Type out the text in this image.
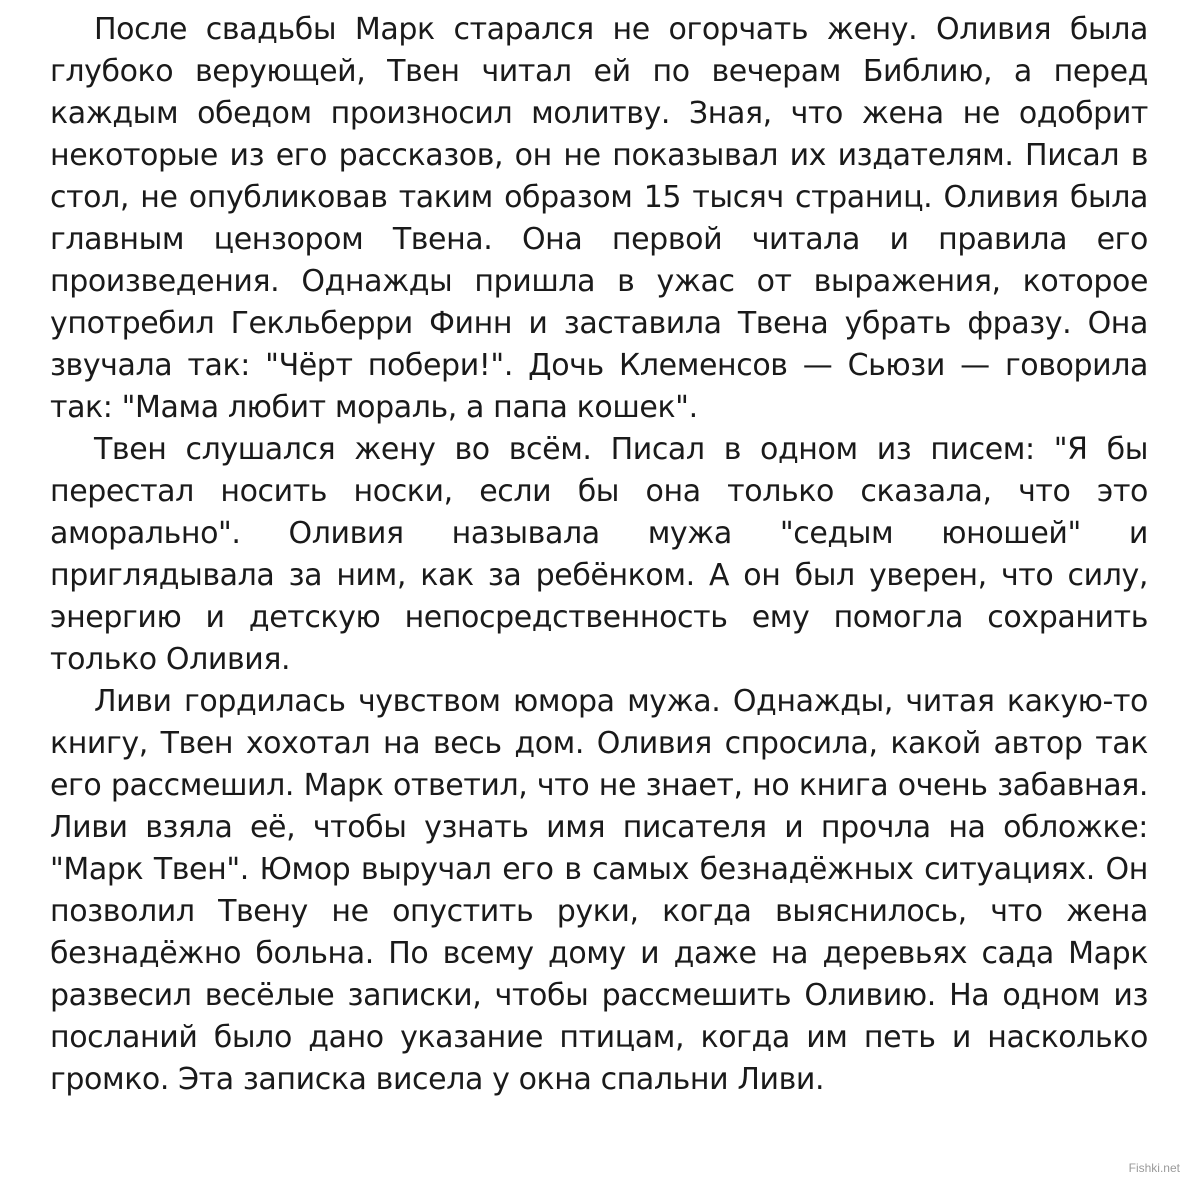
После свадьбы Марк старался не огорчать жену. Оливия была глубоко верующей, Твен читал ей по вечерам Библию, а перед каждым обедом произносил молитву. Зная, что жена не одобрит некоторые из его рассказов, он не показывал их издателям. Писал в стол, не опубликовав таким образом 15 тысяч страниц. Оливия была главным цензором Твена. Она первой читала и правила его произведения. Однажды пришла в ужас от выражения, которое употребил Гекльберри Финн и заставила Твена убрать фразу. Она звучала так: "Чёрт побери!". Дочь Клеменсов — Сьюзи — говорила так: "Мама любит мораль, а папа кошек".

Твен слушался жену во всём. Писал в одном из писем: "Я бы перестал носить носки, если бы она только сказала, что это аморально". Оливия называла мужа "седым юношей" и приглядывала за ним, как за ребёнком. А он был уверен, что силу, энергию и детскую непосредственность ему помогла сохранить только Оливия.

Ливи гордилась чувством юмора мужа. Однажды, читая какую-то книгу, Твен хохотал на весь дом. Оливия спросила, какой автор так его рассмешил. Марк ответил, что не знает, но книга очень забавная. Ливи взяла её, чтобы узнать имя писателя и прочла на обложке: "Марк Твен". Юмор выручал его в самых безнадёжных ситуациях. Он позволил Твену не опустить руки, когда выяснилось, что жена безнадёжно больна. По всему дому и даже на деревьях сада Марк развесил весёлые записки, чтобы рассмешить Оливию. На одном из посланий было дано указание птицам, когда им петь и насколько громко. Эта записка висела у окна спальни Ливи.

Fishki.net
